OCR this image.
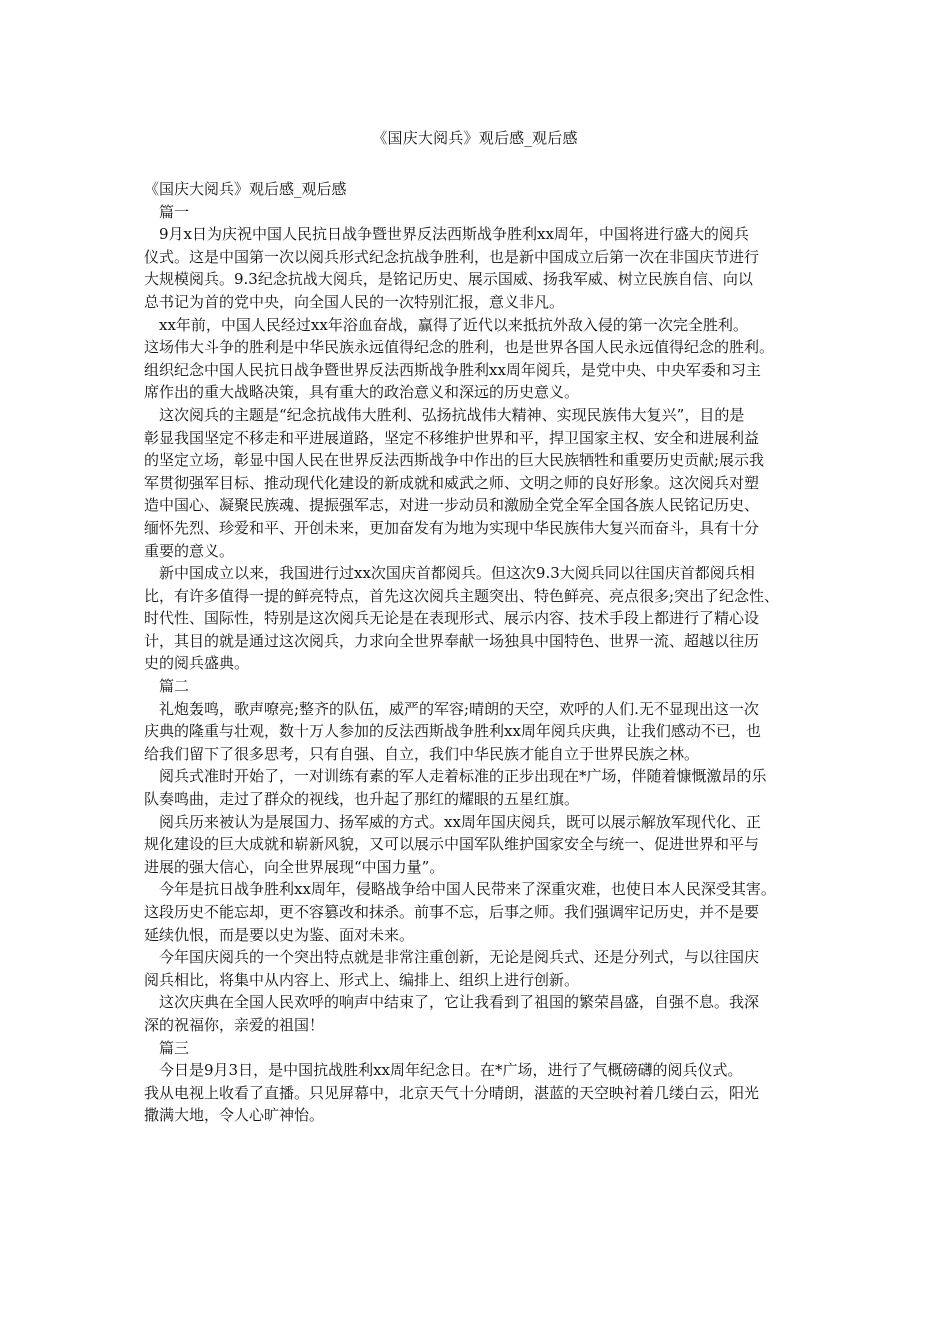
《国庆大阅兵》观后感_观后感
《国庆大阅兵》观后感_观后感
篇一
9月x日为庆祝中国人民抗日战争暨世界反法西斯战争胜利xx周年，中国将进行盛大的阅兵
仪式。这是中国第一次以阅兵形式纪念抗战争胜利，也是新中国成立后第一次在非国庆节进行
大规模阅兵。9.3纪念抗战大阅兵，是铭记历史、展示国威、扬我军威、树立民族自信、向以
总书记为首的党中央，向全国人民的一次特别汇报，意义非凡。
xx年前，中国人民经过xx年浴血奋战，赢得了近代以来抵抗外敌入侵的第一次完全胜利。
这场伟大斗争的胜利是中华民族永远值得纪念的胜利，也是世界各国人民永远值得纪念的胜利。
组织纪念中国人民抗日战争暨世界反法西斯战争胜利xx周年阅兵，是党中央、中央军委和习主
席作出的重大战略决策，具有重大的政治意义和深远的历史意义。
这次阅兵的主题是“纪念抗战伟大胜利、弘扬抗战伟大精神、实现民族伟大复兴”，目的是
彰显我国坚定不移走和平进展道路，坚定不移维护世界和平，捍卫国家主权、安全和进展利益
的坚定立场，彰显中国人民在世界反法西斯战争中作出的巨大民族牺牲和重要历史贡献;展示我
军贯彻强军目标、推动现代化建设的新成就和威武之师、文明之师的良好形象。这次阅兵对塑
造中国心、凝聚民族魂、提振强军志，对进一步动员和激励全党全军全国各族人民铭记历史、
缅怀先烈、珍爱和平、开创未来，更加奋发有为地为实现中华民族伟大复兴而奋斗，具有十分
重要的意义。
新中国成立以来，我国进行过xx次国庆首都阅兵。但这次9.3大阅兵同以往国庆首都阅兵相
比，有许多值得一提的鲜亮特点，首先这次阅兵主题突出、特色鲜亮、亮点很多;突出了纪念性、
时代性、国际性，特别是这次阅兵无论是在表现形式、展示内容、技术手段上都进行了精心设
计，其目的就是通过这次阅兵，力求向全世界奉献一场独具中国特色、世界一流、超越以往历
史的阅兵盛典。
篇二
礼炮轰鸣，歌声嘹亮;整齐的队伍，威严的军容;晴朗的天空，欢呼的人们.无不显现出这一次
庆典的隆重与壮观，数十万人参加的反法西斯战争胜利xx周年阅兵庆典，让我们感动不已，也
给我们留下了很多思考，只有自强、自立，我们中华民族才能自立于世界民族之林。
阅兵式准时开始了，一对训练有素的军人走着标准的正步出现在*广场，伴随着慷慨激昂的乐
队奏鸣曲，走过了群众的视线，也升起了那红的耀眼的五星红旗。
阅兵历来被认为是展国力、扬军威的方式。xx周年国庆阅兵，既可以展示解放军现代化、正
规化建设的巨大成就和崭新风貌，又可以展示中国军队维护国家安全与统一、促进世界和平与
进展的强大信心，向全世界展现“中国力量”。
今年是抗日战争胜利xx周年，侵略战争给中国人民带来了深重灾难，也使日本人民深受其害。
这段历史不能忘却，更不容篡改和抹杀。前事不忘，后事之师。我们强调牢记历史，并不是要
延续仇恨，而是要以史为鉴、面对未来。
今年国庆阅兵的一个突出特点就是非常注重创新，无论是阅兵式、还是分列式，与以往国庆
阅兵相比，将集中从内容上、形式上、编排上、组织上进行创新。
这次庆典在全国人民欢呼的响声中结束了，它让我看到了祖国的繁荣昌盛，自强不息。我深
深的祝福你，亲爱的祖国！
篇三
今日是9月3日，是中国抗战胜利xx周年纪念日。在*广场，进行了气概磅礴的阅兵仪式。
我从电视上收看了直播。只见屏幕中，北京天气十分晴朗，湛蓝的天空映衬着几缕白云，阳光
撒满大地，令人心旷神怡。
